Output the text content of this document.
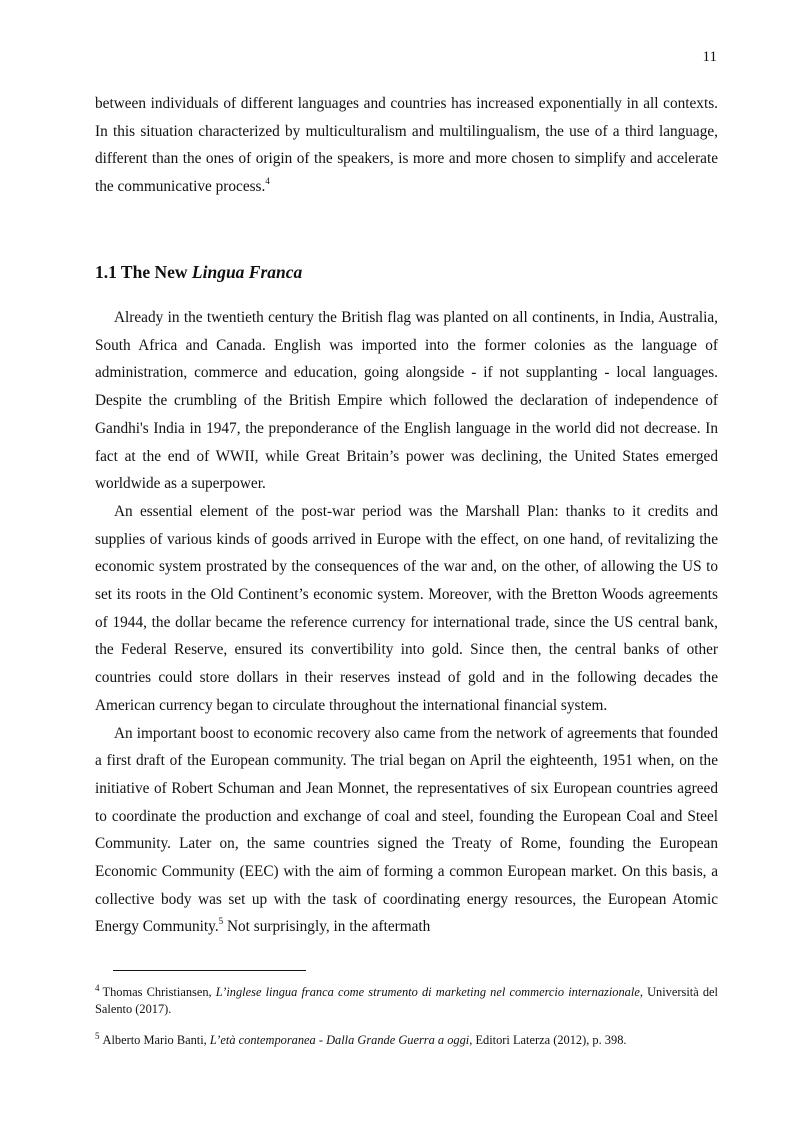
11

between individuals of different languages and countries has increased exponentially in all contexts. In this situation characterized by multiculturalism and multilingualism, the use of a third language, different than the ones of origin of the speakers, is more and more chosen to simplify and accelerate the communicative process.$^4$

1.1 The New Lingua Franca

Already in the twentieth century the British flag was planted on all continents, in India, Australia, South Africa and Canada. English was imported into the former colonies as the language of administration, commerce and education, going alongside - if not supplanting - local languages. Despite the crumbling of the British Empire which followed the declaration of independence of Gandhi's India in 1947, the preponderance of the English language in the world did not decrease. In fact at the end of WWII, while Great Britain’s power was declining, the United States emerged worldwide as a superpower.

An essential element of the post-war period was the Marshall Plan: thanks to it credits and supplies of various kinds of goods arrived in Europe with the effect, on one hand, of revitalizing the economic system prostrated by the consequences of the war and, on the other, of allowing the US to set its roots in the Old Continent’s economic system. Moreover, with the Bretton Woods agreements of 1944, the dollar became the reference currency for international trade, since the US central bank, the Federal Reserve, ensured its convertibility into gold. Since then, the central banks of other countries could store dollars in their reserves instead of gold and in the following decades the American currency began to circulate throughout the international financial system.

An important boost to economic recovery also came from the network of agreements that founded a first draft of the European community. The trial began on April the eighteenth, 1951 when, on the initiative of Robert Schuman and Jean Monnet, the representatives of six European countries agreed to coordinate the production and exchange of coal and steel, founding the European Coal and Steel Community. Later on, the same countries signed the Treaty of Rome, founding the European Economic Community (EEC) with the aim of forming a common European market. On this basis, a collective body was set up with the task of coordinating energy resources, the European Atomic Energy Community.$^5$ Not surprisingly, in the aftermath

$^4$ Thomas Christiansen, L’inglese lingua franca come strumento di marketing nel commercio internazionale, Università del Salento (2017).

$^5$ Alberto Mario Banti, L’età contemporanea - Dalla Grande Guerra a oggi, Editori Laterza (2012), p. 398.
